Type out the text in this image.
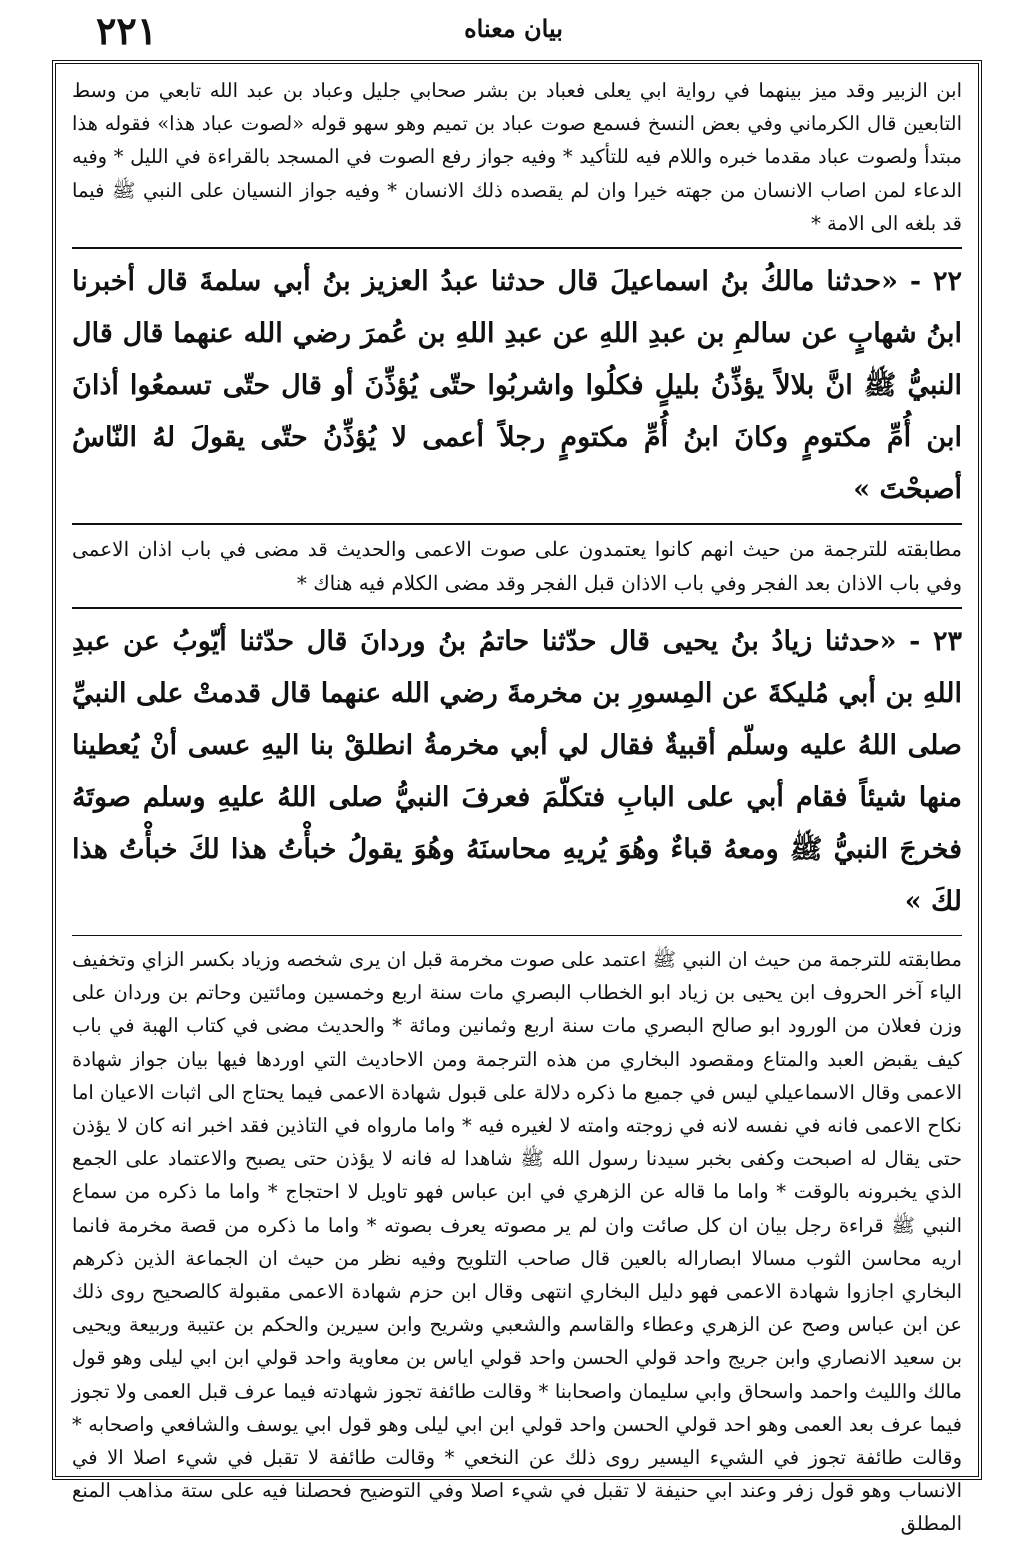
۲۲۱	بيان معناه

ابن الزبير وقد ميز بينهما في رواية ابي يعلى فعباد بن بشر صحابي جليل وعباد بن عبد الله تابعي من وسط التابعين قال الكرماني وفي بعض النسخ فسمع صوت عباد بن تميم وهو سهو قوله «لصوت عباد هذا» فقوله هذا مبتدأ ولصوت عباد مقدما خبره واللام فيه للتأكيد * وفيه جواز رفع الصوت في المسجد بالقراءة في الليل * وفيه الدعاء لمن اصاب الانسان من جهته خيرا وان لم يقصده ذلك الانسان * وفيه جواز النسيان على النبي ﷺ فيما قد بلغه الى الامة *

۲۲ - «حدثنا مالكُ بنُ اسماعيلَ قال حدثنا عبدُ العزيز بنُ أبي سلمةَ قال أخبرنا ابنُ شهابٍ عن سالمِ بن عبدِ اللهِ عن عبدِ اللهِ بن عُمرَ رضي الله عنهما قال قال النبيُّ ﷺ انَّ بلالاً يؤذِّنُ بليلٍ فكلُوا واشربُوا حتّى يُؤذِّنَ أو قال حتّى تسمعُوا أذانَ ابن أُمِّ مكتومٍ وكانَ ابنُ أُمِّ مكتومٍ رجلاً أعمى لا يُؤذِّنُ حتّى يقولَ لهُ النّاسُ أصبحْتَ »

مطابقته للترجمة من حيث انهم كانوا يعتمدون على صوت الاعمى والحديث قد مضى في باب اذان الاعمى وفي باب الاذان بعد الفجر وفي باب الاذان قبل الفجر وقد مضى الكلام فيه هناك *

۲۳ - «حدثنا زيادُ بنُ يحيى قال حدّثنا حاتمُ بنُ وردانَ قال حدّثنا أيّوبُ عن عبدِ اللهِ بن أبي مُليكةَ عن المِسورِ بن مخرمةَ رضي الله عنهما قال قدمتْ على النبيِّ صلى اللهُ عليه وسلّم أقبيةٌ فقال لي أبي مخرمةُ انطلقْ بنا اليهِ عسى أنْ يُعطينا منها شيئاً فقام أبي على البابِ فتكلّمَ فعرفَ النبيُّ صلى اللهُ عليهِ وسلم صوتَهُ فخرجَ النبيُّ ﷺ ومعهُ قباءٌ وهُوَ يُريهِ محاسنَهُ وهُوَ يقولُ خبأْتُ هذا لكَ خبأْتُ هذا لكَ »

مطابقته للترجمة من حيث ان النبي ﷺ اعتمد على صوت مخرمة قبل ان يرى شخصه وزياد بكسر الزاي وتخفيف الياء آخر الحروف ابن يحيى بن زياد ابو الخطاب البصري مات سنة اربع وخمسين ومائتين وحاتم بن وردان على وزن فعلان من الورود ابو صالح البصري مات سنة اربع وثمانين ومائة * والحديث مضى في كتاب الهبة في باب كيف يقبض العبد والمتاع ومقصود البخاري من هذه الترجمة ومن الاحاديث التي اوردها فيها بيان جواز شهادة الاعمى وقال الاسماعيلي ليس في جميع ما ذكره دلالة على قبول شهادة الاعمى فيما يحتاج الى اثبات الاعيان اما نكاح الاعمى فانه في نفسه لانه في زوجته وامته لا لغيره فيه * واما مارواه في التاذين فقد اخبر انه كان لا يؤذن حتى يقال له اصبحت وكفى بخبر سيدنا رسول الله ﷺ شاهدا له فانه لا يؤذن حتى يصبح والاعتماد على الجمع الذي يخبرونه بالوقت * واما ما قاله عن الزهري في ابن عباس فهو تاويل لا احتجاج * واما ما ذكره من سماع النبي ﷺ قراءة رجل بيان ان كل صائت وان لم ير مصوته يعرف بصوته * واما ما ذكره من قصة مخرمة فانما اريه محاسن الثوب مسالا ابصاراله بالعين قال صاحب التلويح وفيه نظر من حيث ان الجماعة الذين ذكرهم البخاري اجازوا شهادة الاعمى فهو دليل البخاري انتهى وقال ابن حزم شهادة الاعمى مقبولة كالصحيح روى ذلك عن ابن عباس وصح عن الزهري وعطاء والقاسم والشعبي وشريح وابن سيرين والحكم بن عتيبة وربيعة ويحيى بن سعيد الانصاري وابن جريج واحد قولي الحسن واحد قولي اياس بن معاوية واحد قولي ابن ابي ليلى وهو قول مالك والليث واحمد واسحاق وابي سليمان واصحابنا * وقالت طائفة تجوز شهادته فيما عرف قبل العمى ولا تجوز فيما عرف بعد العمى وهو احد قولي الحسن واحد قولي ابن ابي ليلى وهو قول ابي يوسف والشافعي واصحابه * وقالت طائفة تجوز في الشيء اليسير روى ذلك عن النخعي * وقالت طائفة لا تقبل في شيء اصلا الا في الانساب وهو قول زفر وعند ابي حنيفة لا تقبل في شيء اصلا وفي التوضيح فحصلنا فيه على ستة مذاهب المنع المطلق
